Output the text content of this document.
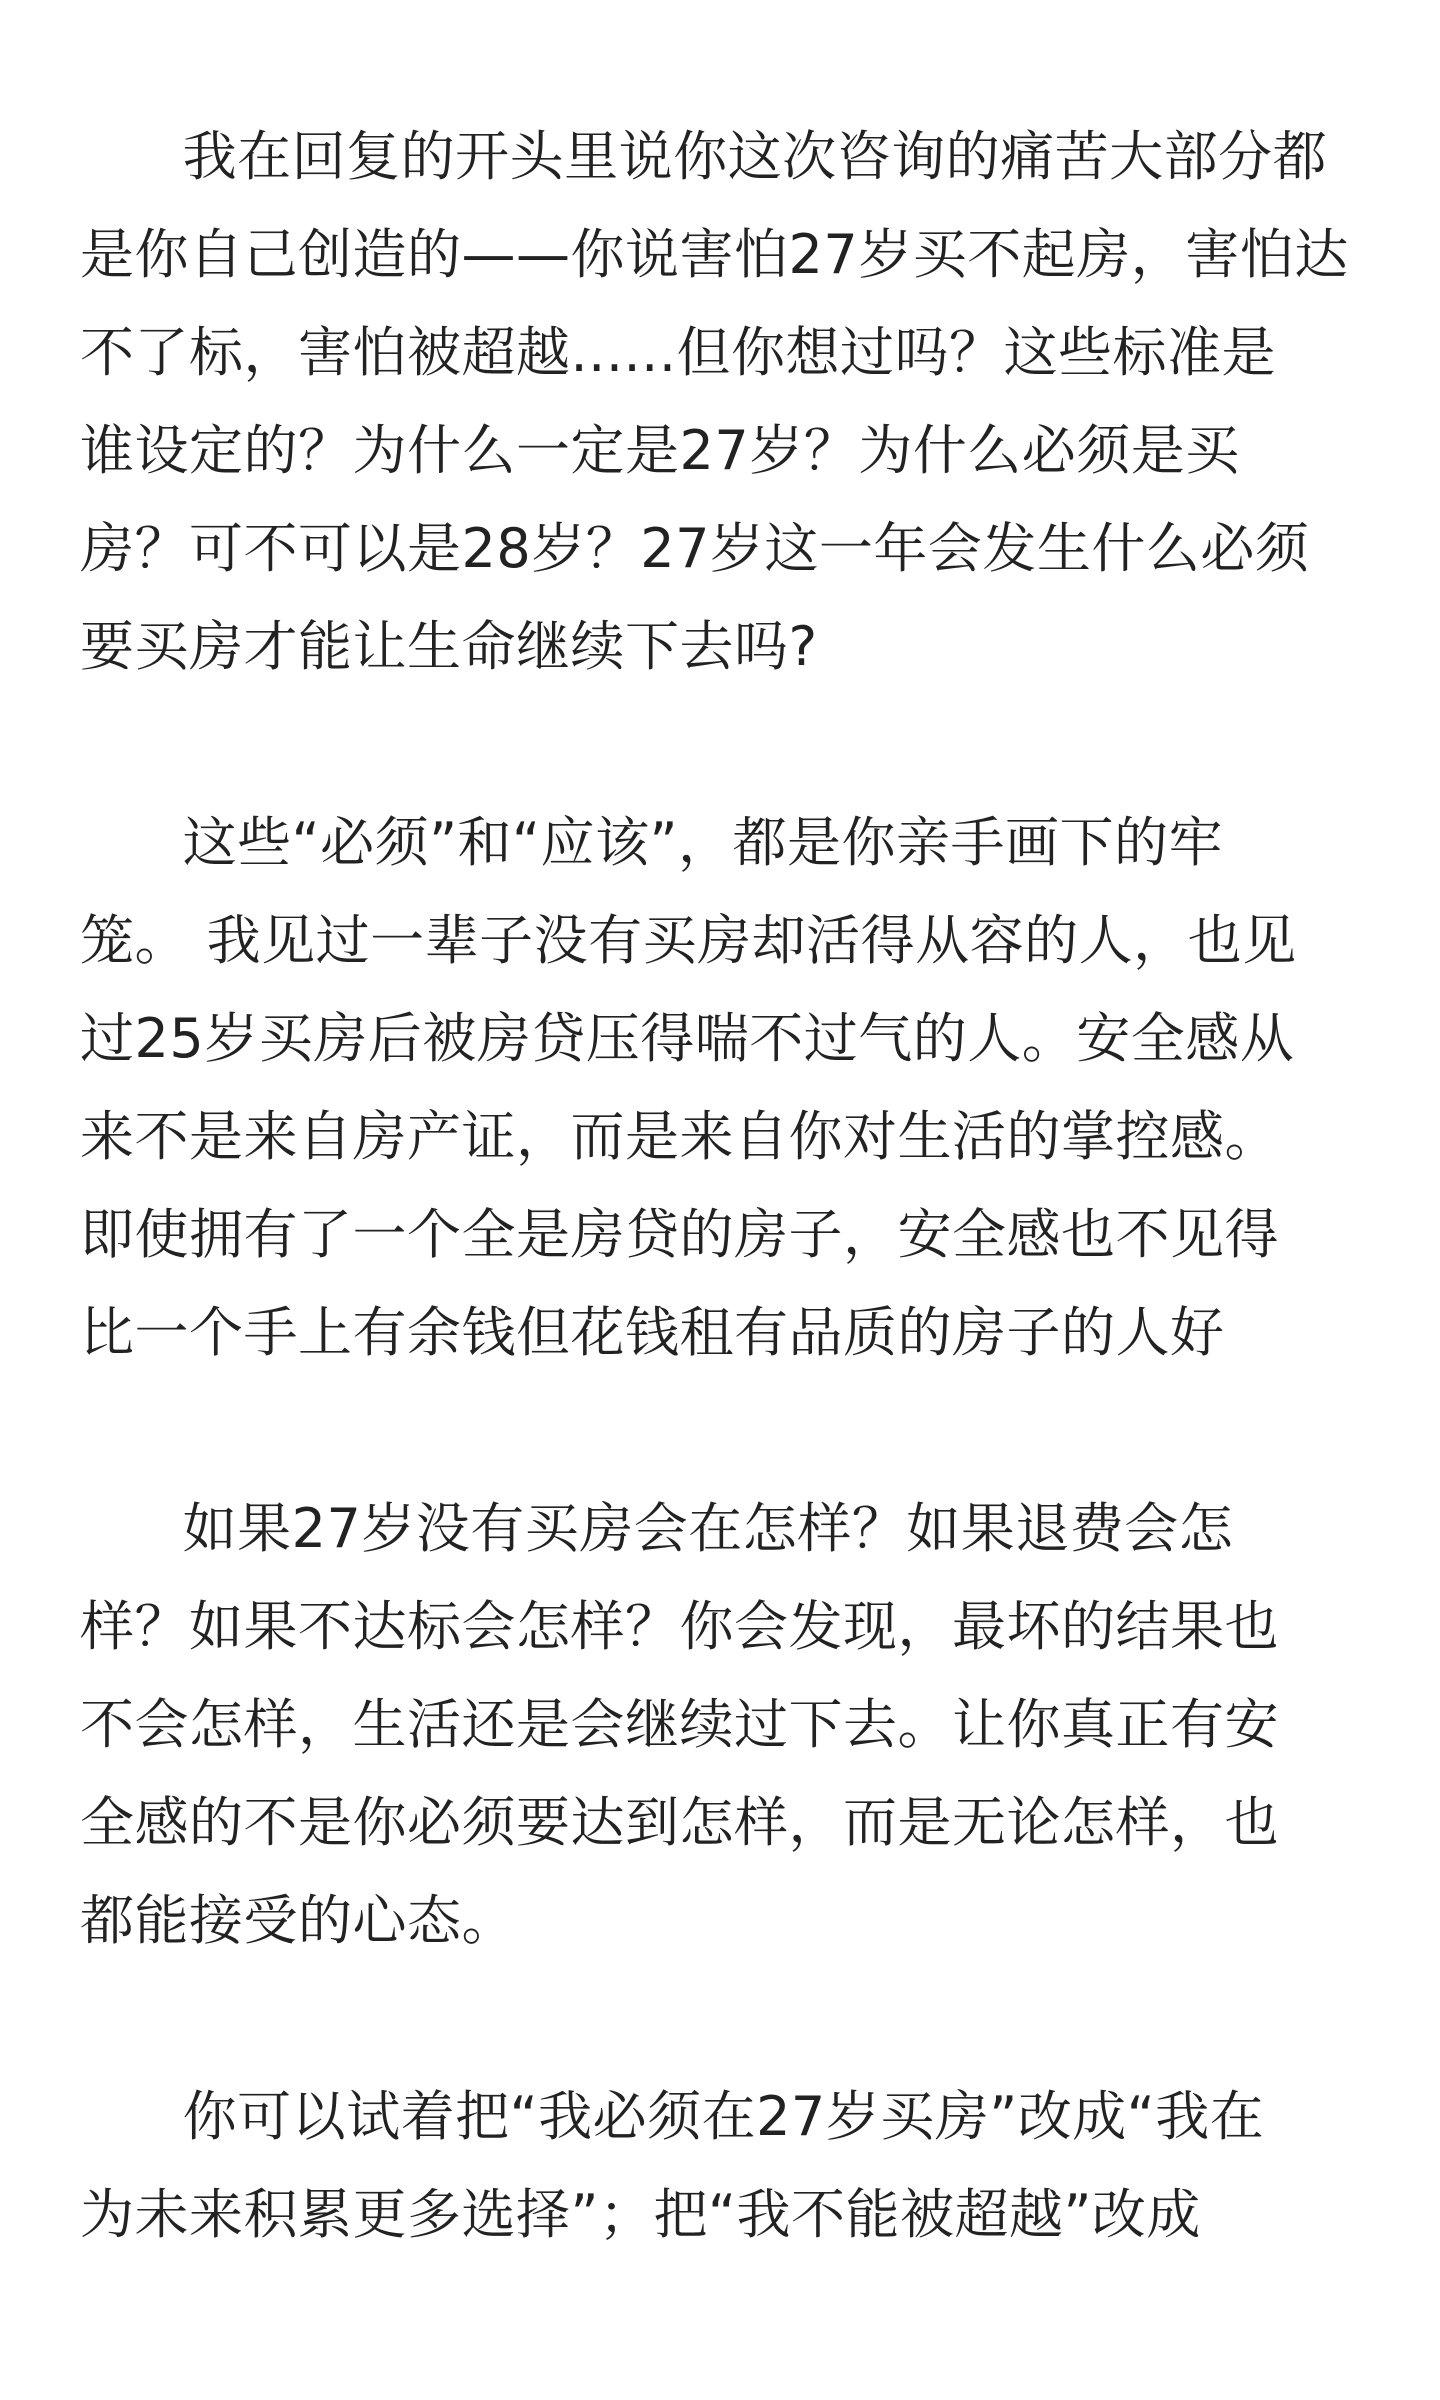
我在回复的开头里说你这次咨询的痛苦大部分都
是你自己创造的——你说害怕27岁买不起房，害怕达
不了标，害怕被超越......但你想过吗？这些标准是
谁设定的？为什么一定是27岁？为什么必须是买
房？可不可以是28岁？27岁这一年会发生什么必须
要买房才能让生命继续下去吗?

这些“必须”和“应该”，都是你亲手画下的牢
笼。 我见过一辈子没有买房却活得从容的人，也见
过25岁买房后被房贷压得喘不过气的人。安全感从
来不是来自房产证，而是来自你对生活的掌控感。
即使拥有了一个全是房贷的房子，安全感也不见得
比一个手上有余钱但花钱租有品质的房子的人好

如果27岁没有买房会在怎样？如果退费会怎
样？如果不达标会怎样？你会发现，最坏的结果也
不会怎样，生活还是会继续过下去。让你真正有安
全感的不是你必须要达到怎样，而是无论怎样，也
都能接受的心态。

你可以试着把“我必须在27岁买房”改成“我在
为未来积累更多选择”；把“我不能被超越”改成
